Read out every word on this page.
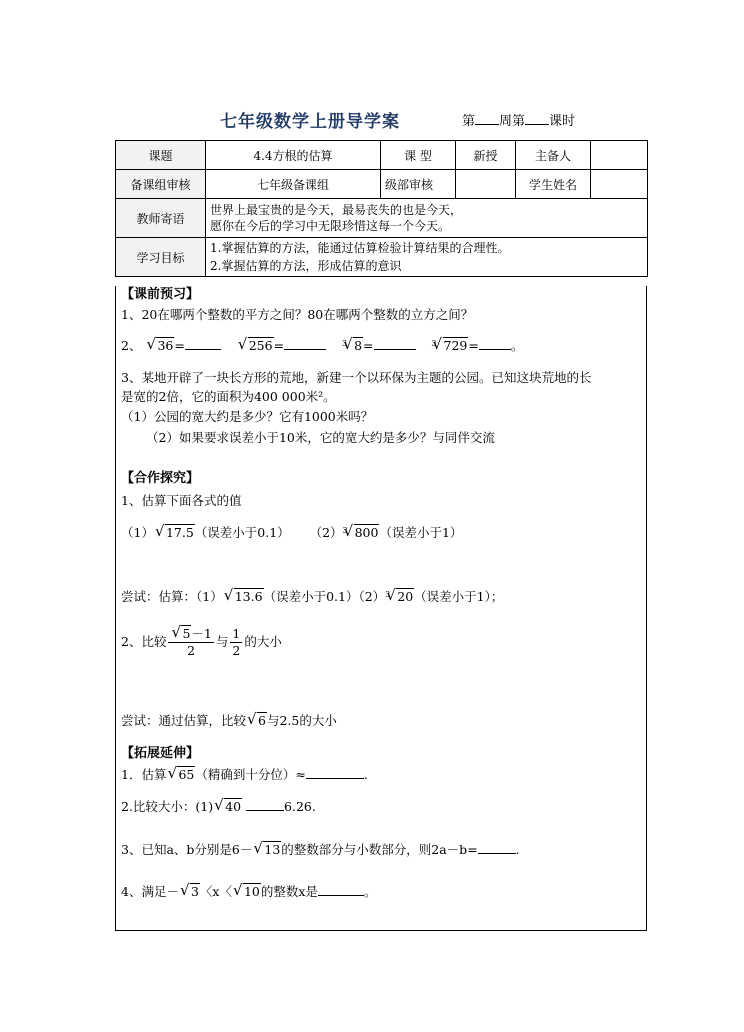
七年级数学上册导学案	第 周第 课时
课题	4.4方根的估算	课 型	新授	主备人	
备课组审核	七年级备课组	级部审核		学生姓名	
教师寄语	世界上最宝贵的是今天，最易丧失的也是今天，
愿你在今后的学习中无限珍惜这每一个今天。				

学习目标	1.掌握估算的方法，能通过估算检验计算结果的合理性。
2.掌握估算的方法，形成估算的意识				
【课前预习】
1、20在哪两个整数的平方之间？80在哪两个整数的立方之间？
2、 √ 36=	√ 256=	$^3$ √ 8=	$^3$ √ 729=	。
3、某地开辟了一块长方形的荒地，新建一个以环保为主题的公园。已知这块荒地的长
是宽的2倍，它的面积为400 000米²。
（1）公园的宽大约是多少？它有1000米吗？
（2）如果要求误差小于10米，它的宽大约是多少？与同伴交流
【合作探究】
1、估算下面各式的值
（1） √ 17.5（误差小于0.1） $(2)^3$ √ 800（误差小于1）
尝试：估算：（1） √ 13.6（误差小于$0.1)(2)^3$ √ 20（误差小于1）；
2、比较 √ $\frac{5-1}{2}$ 与 $\frac{1}{2}$ 的大小
尝试：通过估算，比较 √ 6与2.5的大小
【拓展延伸】
1．估算 √ 65（精确到十分位）≈	.
2.比较大小：(1) √ 40	6.26.
3、已知a、b分别是6－ √ 13的整数部分与小数部分，则2a－b=	.
4、满足－ √ 3〈x〈 √ 10的整数x是	。
